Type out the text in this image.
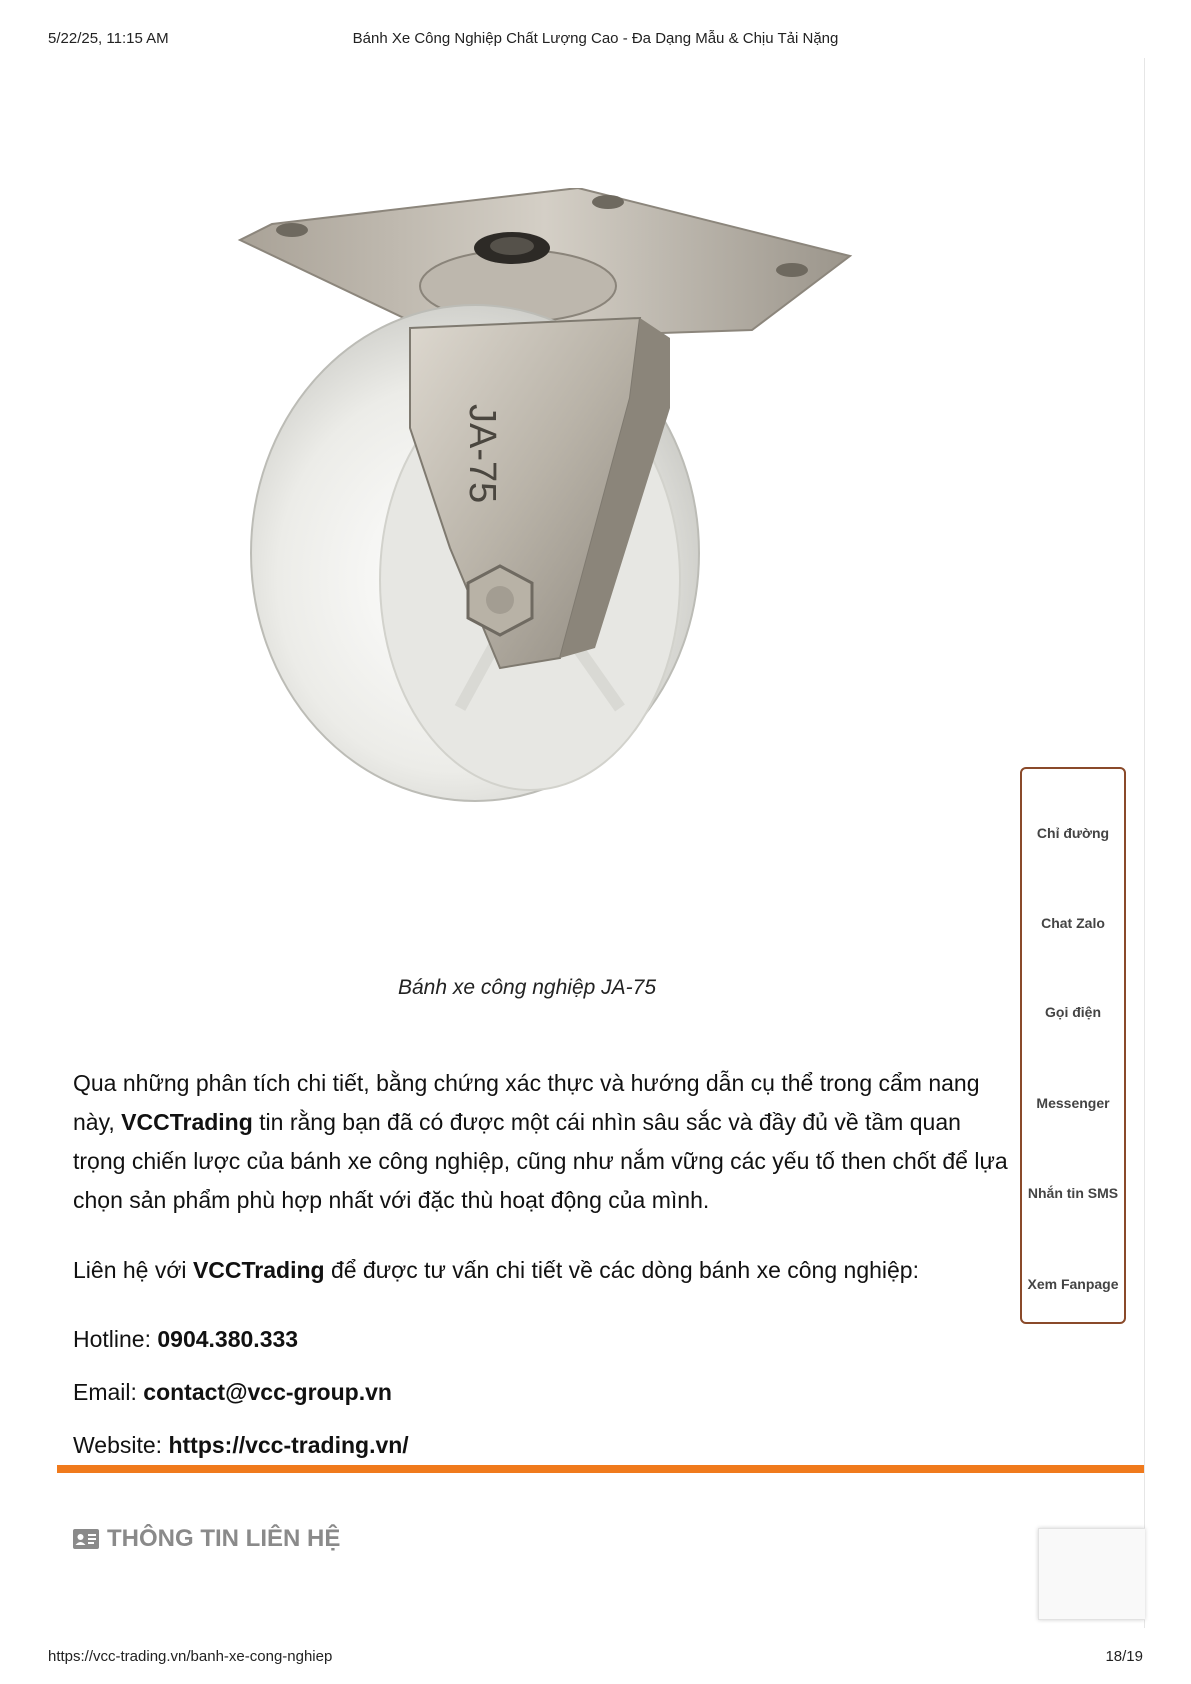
5/22/25, 11:15 AM	Bánh Xe Công Nghiệp Chất Lượng Cao - Đa Dạng Mẫu & Chịu Tải Nặng
JA-75
Bánh xe công nghiệp JA-75
Qua những phân tích chi tiết, bằng chứng xác thực và hướng dẫn cụ thể trong cẩm nang này, VCCTrading tin rằng bạn đã có được một cái nhìn sâu sắc và đầy đủ về tầm quan trọng chiến lược của bánh xe công nghiệp, cũng như nắm vững các yếu tố then chốt để lựa chọn sản phẩm phù hợp nhất với đặc thù hoạt động của mình.
Liên hệ với VCCTrading để được tư vấn chi tiết về các dòng bánh xe công nghiệp:
Hotline: 0904.380.333
Email: contact@vcc-group.vn
Website: https://vcc-trading.vn/
THÔNG TIN LIÊN HỆ
Chỉ đường
Chat Zalo
Gọi điện
Messenger
Nhắn tin SMS
Xem Fanpage
https://vcc-trading.vn/banh-xe-cong-nghiep	18/19
